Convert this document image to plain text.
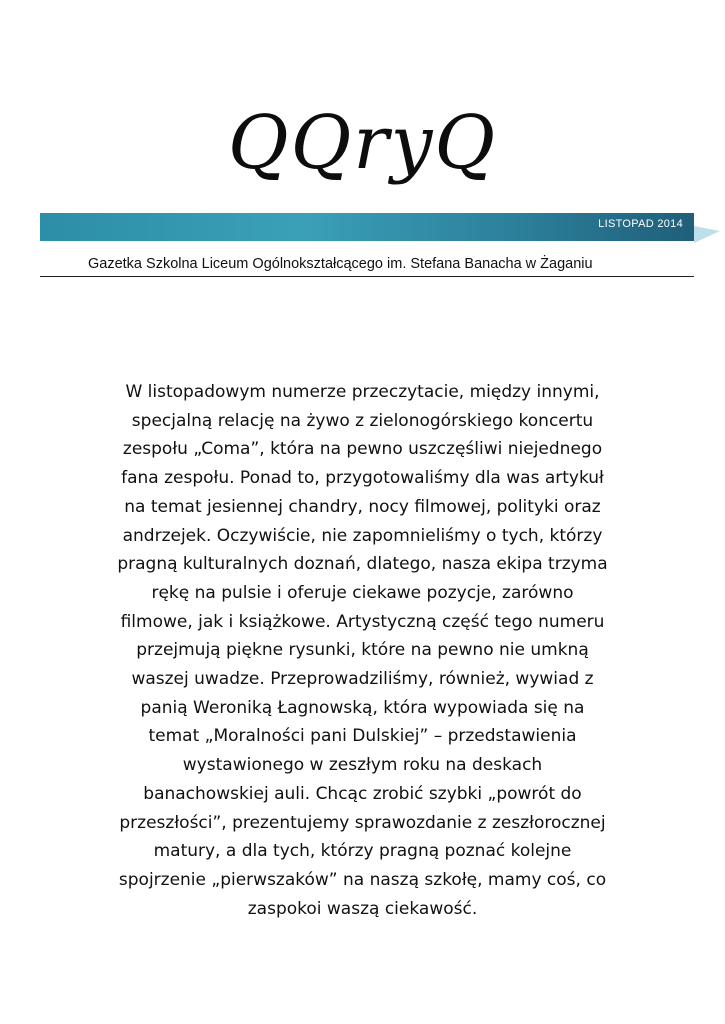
QQryQ
LISTOPAD 2014
Gazetka Szkolna Liceum Ogólnokształcącego im. Stefana Banacha w Żaganiu
W listopadowym numerze przeczytacie, między innymi,
specjalną relację na żywo z zielonogórskiego koncertu
zespołu „Coma”, która na pewno uszczęśliwi niejednego
fana zespołu. Ponad to, przygotowaliśmy dla was artykuł
na temat jesiennej chandry, nocy filmowej, polityki oraz
andrzejek. Oczywiście, nie zapomnieliśmy o tych, którzy
pragną kulturalnych doznań, dlatego, nasza ekipa trzyma
rękę na pulsie i oferuje ciekawe pozycje, zarówno
filmowe, jak i książkowe. Artystyczną część tego numeru
przejmują piękne rysunki, które na pewno nie umkną
waszej uwadze. Przeprowadziliśmy, również, wywiad z
panią Weroniką Łagnowską, która wypowiada się na
temat „Moralności pani Dulskiej” – przedstawienia
wystawionego w zeszłym roku na deskach
banachowskiej auli. Chcąc zrobić szybki „powrót do
przeszłości”, prezentujemy sprawozdanie z zeszłorocznej
matury, a dla tych, którzy pragną poznać kolejne
spojrzenie „pierwszaków” na naszą szkołę, mamy coś, co
zaspokoi waszą ciekawość.
